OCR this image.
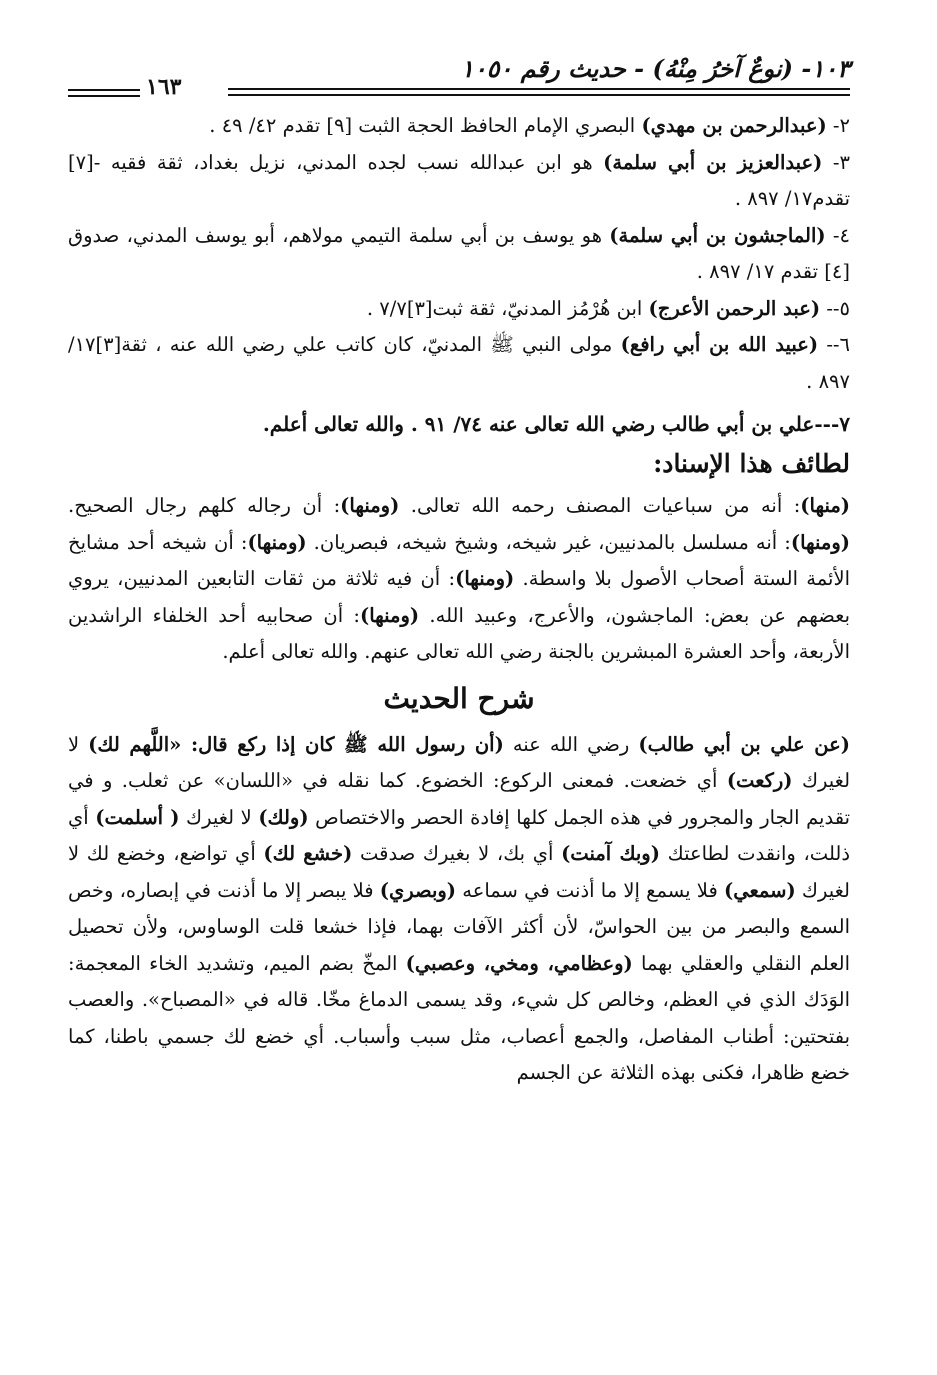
١٠٣- (نوعٌ آخرُ مِنْهُ) - حديث رقم ١٠٥٠
١٦٣

٢- (عبدالرحمن بن مهدي) البصري الإمام الحافظ الحجة الثبت [٩] تقدم ٤٢/ ٤٩ .

٣- (عبدالعزيز بن أبي سلمة) هو ابن عبدالله نسب لجده المدني، نزيل بغداد، ثقة فقيه -[٧] تقدم١٧/ ٨٩٧ .

٤- (الماجشون بن أبي سلمة) هو يوسف بن أبي سلمة التيمي مولاهم، أبو يوسف المدني، صدوق [٤] تقدم ١٧/ ٨٩٧ .

٥-- (عبد الرحمن الأعرج) ابن هُرْمُز المدنيّ، ثقة ثبت[٣]٧/٧ .

٦-- (عبيد الله بن أبي رافع) مولى النبي ﷺ المدنيّ، كان كاتب علي رضي الله عنه ، ثقة[٣]١٧/ ٨٩٧ .

٧---علي بن أبي طالب رضي الله تعالى عنه ٧٤/ ٩١ . والله تعالى أعلم.

لطائف هذا الإسناد:

(منها): أنه من سباعيات المصنف رحمه الله تعالى. (ومنها): أن رجاله كلهم رجال الصحيح. (ومنها): أنه مسلسل بالمدنيين، غير شيخه، وشيخ شيخه، فبصريان. (ومنها): أن شيخه أحد مشايخ الأئمة الستة أصحاب الأصول بلا واسطة. (ومنها): أن فيه ثلاثة من ثقات التابعين المدنيين، يروي بعضهم عن بعض: الماجشون، والأعرج، وعبيد الله. (ومنها): أن صحابيه أحد الخلفاء الراشدين الأربعة، وأحد العشرة المبشرين بالجنة رضي الله تعالى عنهم. والله تعالى أعلم.

شرح الحديث

(عن علي بن أبي طالب) رضي الله عنه (أن رسول الله ﷺ كان إذا ركع قال: «اللَّهم لك) لا لغيرك (ركعت) أي خضعت. فمعنى الركوع: الخضوع. كما نقله في «اللسان» عن ثعلب. و في تقديم الجار والمجرور في هذه الجمل كلها إفادة الحصر والاختصاص (ولك) لا لغيرك ( أسلمت) أي ذللت، وانقدت لطاعتك (وبك آمنت) أي بك، لا بغيرك صدقت (خشع لك) أي تواضع، وخضع لك لا لغيرك (سمعي) فلا يسمع إلا ما أذنت في سماعه (وبصري) فلا يبصر إلا ما أذنت في إبصاره، وخص السمع والبصر من بين الحواسّ، لأن أكثر الآفات بهما، فإذا خشعا قلت الوساوس، ولأن تحصيل العلم النقلي والعقلي بهما (وعظامي، ومخي، وعصبي) المخّ بضم الميم، وتشديد الخاء المعجمة: الوَدَك الذي في العظم، وخالص كل شيء، وقد يسمى الدماغ مخّا. قاله في «المصباح». والعصب بفتحتين: أطناب المفاصل، والجمع أعصاب، مثل سبب وأسباب. أي خضع لك جسمي باطنا، كما خضع ظاهرا، فكنى بهذه الثلاثة عن الجسم
